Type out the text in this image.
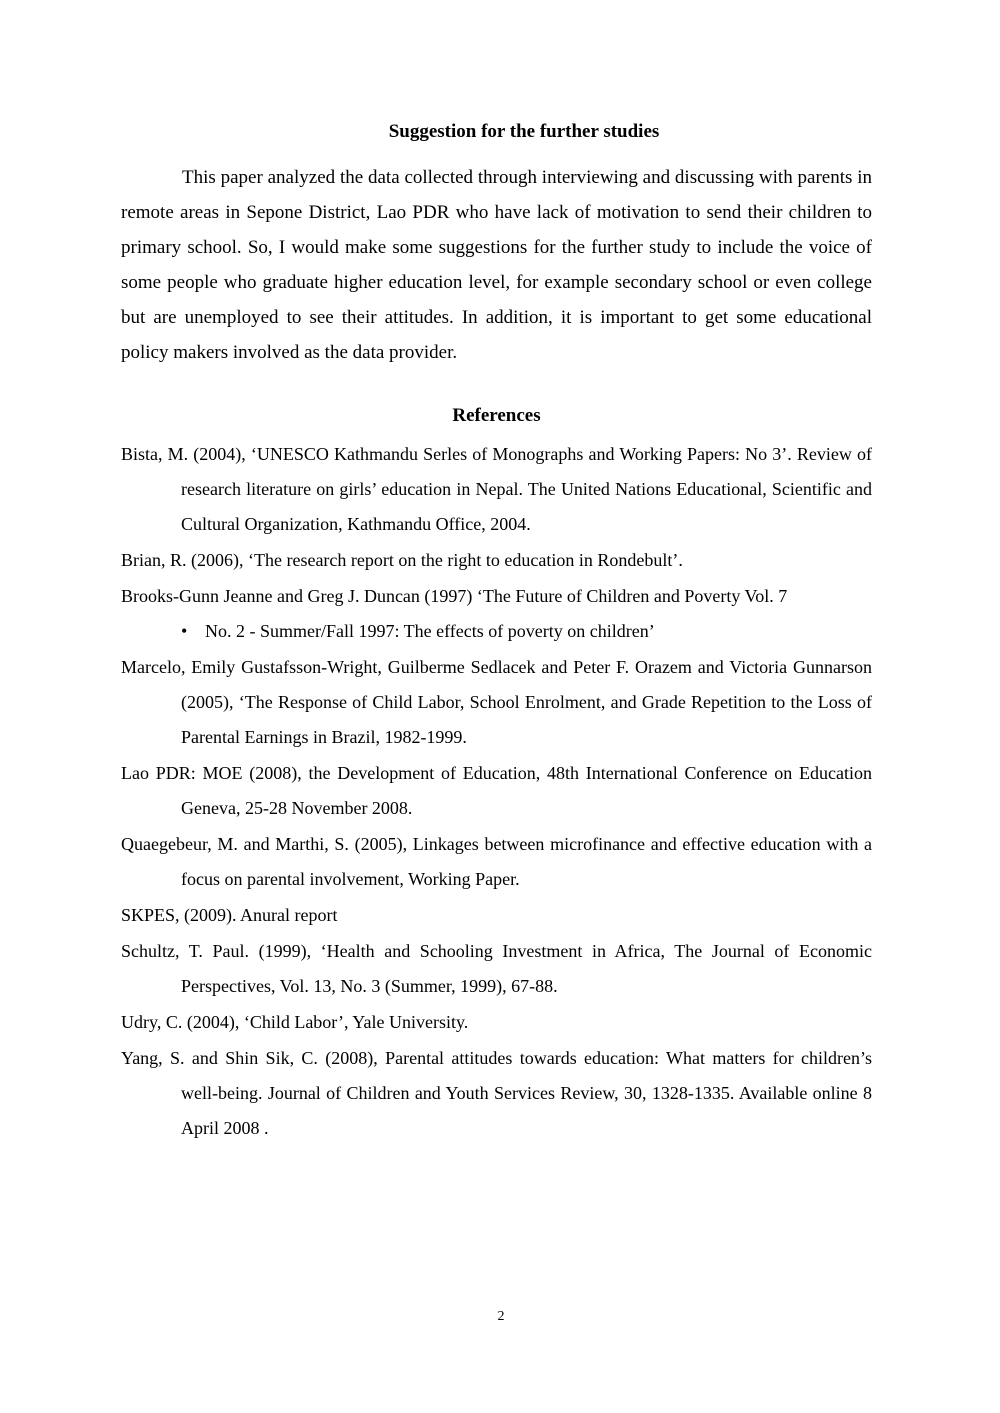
Suggestion for the further studies

This paper analyzed the data collected through interviewing and discussing with parents in remote areas in Sepone District, Lao PDR who have lack of motivation to send their children to primary school. So, I would make some suggestions for the further study to include the voice of some people who graduate higher education level, for example secondary school or even college but are unemployed to see their attitudes. In addition, it is important to get some educational policy makers involved as the data provider.

References
Bista, M. (2004), ‘UNESCO Kathmandu Serles of Monographs and Working Papers: No 3’. Review of research literature on girls’ education in Nepal. The United Nations Educational, Scientific and Cultural Organization, Kathmandu Office, 2004.
Brian, R. (2006), ‘The research report on the right to education in Rondebult’.
Brooks-Gunn Jeanne and Greg J. Duncan (1997) ‘The Future of Children and Poverty Vol. 7
• No. 2 - Summer/Fall 1997: The effects of poverty on children’
Marcelo, Emily Gustafsson-Wright, Guilberme Sedlacek and Peter F. Orazem and Victoria Gunnarson (2005), ‘The Response of Child Labor, School Enrolment, and Grade Repetition to the Loss of Parental Earnings in Brazil, 1982-1999.
Lao PDR: MOE (2008), the Development of Education, 48th International Conference on Education Geneva, 25-28 November 2008.
Quaegebeur, M. and Marthi, S. (2005), Linkages between microfinance and effective education with a focus on parental involvement, Working Paper.
SKPES, (2009). Anural report
Schultz, T. Paul. (1999), ‘Health and Schooling Investment in Africa, The Journal of Economic Perspectives, Vol. 13, No. 3 (Summer, 1999), 67-88.
Udry, C. (2004), ‘Child Labor’, Yale University.
Yang, S. and Shin Sik, C. (2008), Parental attitudes towards education: What matters for children’s well-being. Journal of Children and Youth Services Review, 30, 1328-1335. Available online 8 April 2008 .
2
